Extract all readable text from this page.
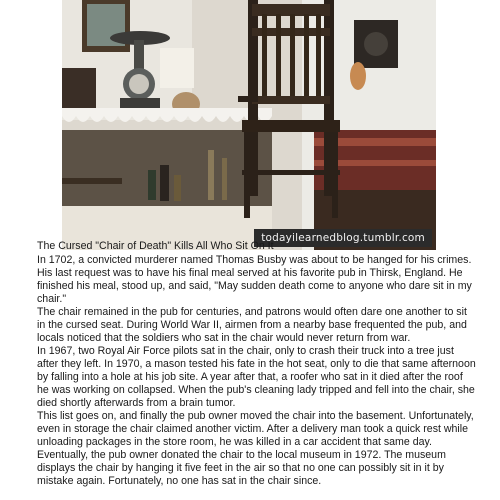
todayilearnedblog.tumblr.com
The Cursed "Chair of Death" Kills All Who Sit On It

In 1702, a convicted murderer named Thomas Busby was about to be hanged for his crimes. His last request was to have his final meal served at his favorite pub in Thirsk, England. He finished his meal, stood up, and said, "May sudden death come to anyone who dare sit in my chair."

The chair remained in the pub for centuries, and patrons would often dare one another to sit in the cursed seat. During World War II, airmen from a nearby base frequented the pub, and locals noticed that the soldiers who sat in the chair would never return from war.

In 1967, two Royal Air Force pilots sat in the chair, only to crash their truck into a tree just after they left. In 1970, a mason tested his fate in the hot seat, only to die that same afternoon by falling into a hole at his job site. A year after that, a roofer who sat in it died after the roof he was working on collapsed. When the pub's cleaning lady tripped and fell into the chair, she died shortly afterwards from a brain tumor.

This list goes on, and finally the pub owner moved the chair into the basement. Unfortunately, even in storage the chair claimed another victim. After a delivery man took a quick rest while unloading packages in the store room, he was killed in a car accident that same day.

Eventually, the pub owner donated the chair to the local museum in 1972. The museum displays the chair by hanging it five feet in the air so that no one can possibly sit in it by mistake again. Fortunately, no one has sat in the chair since.
